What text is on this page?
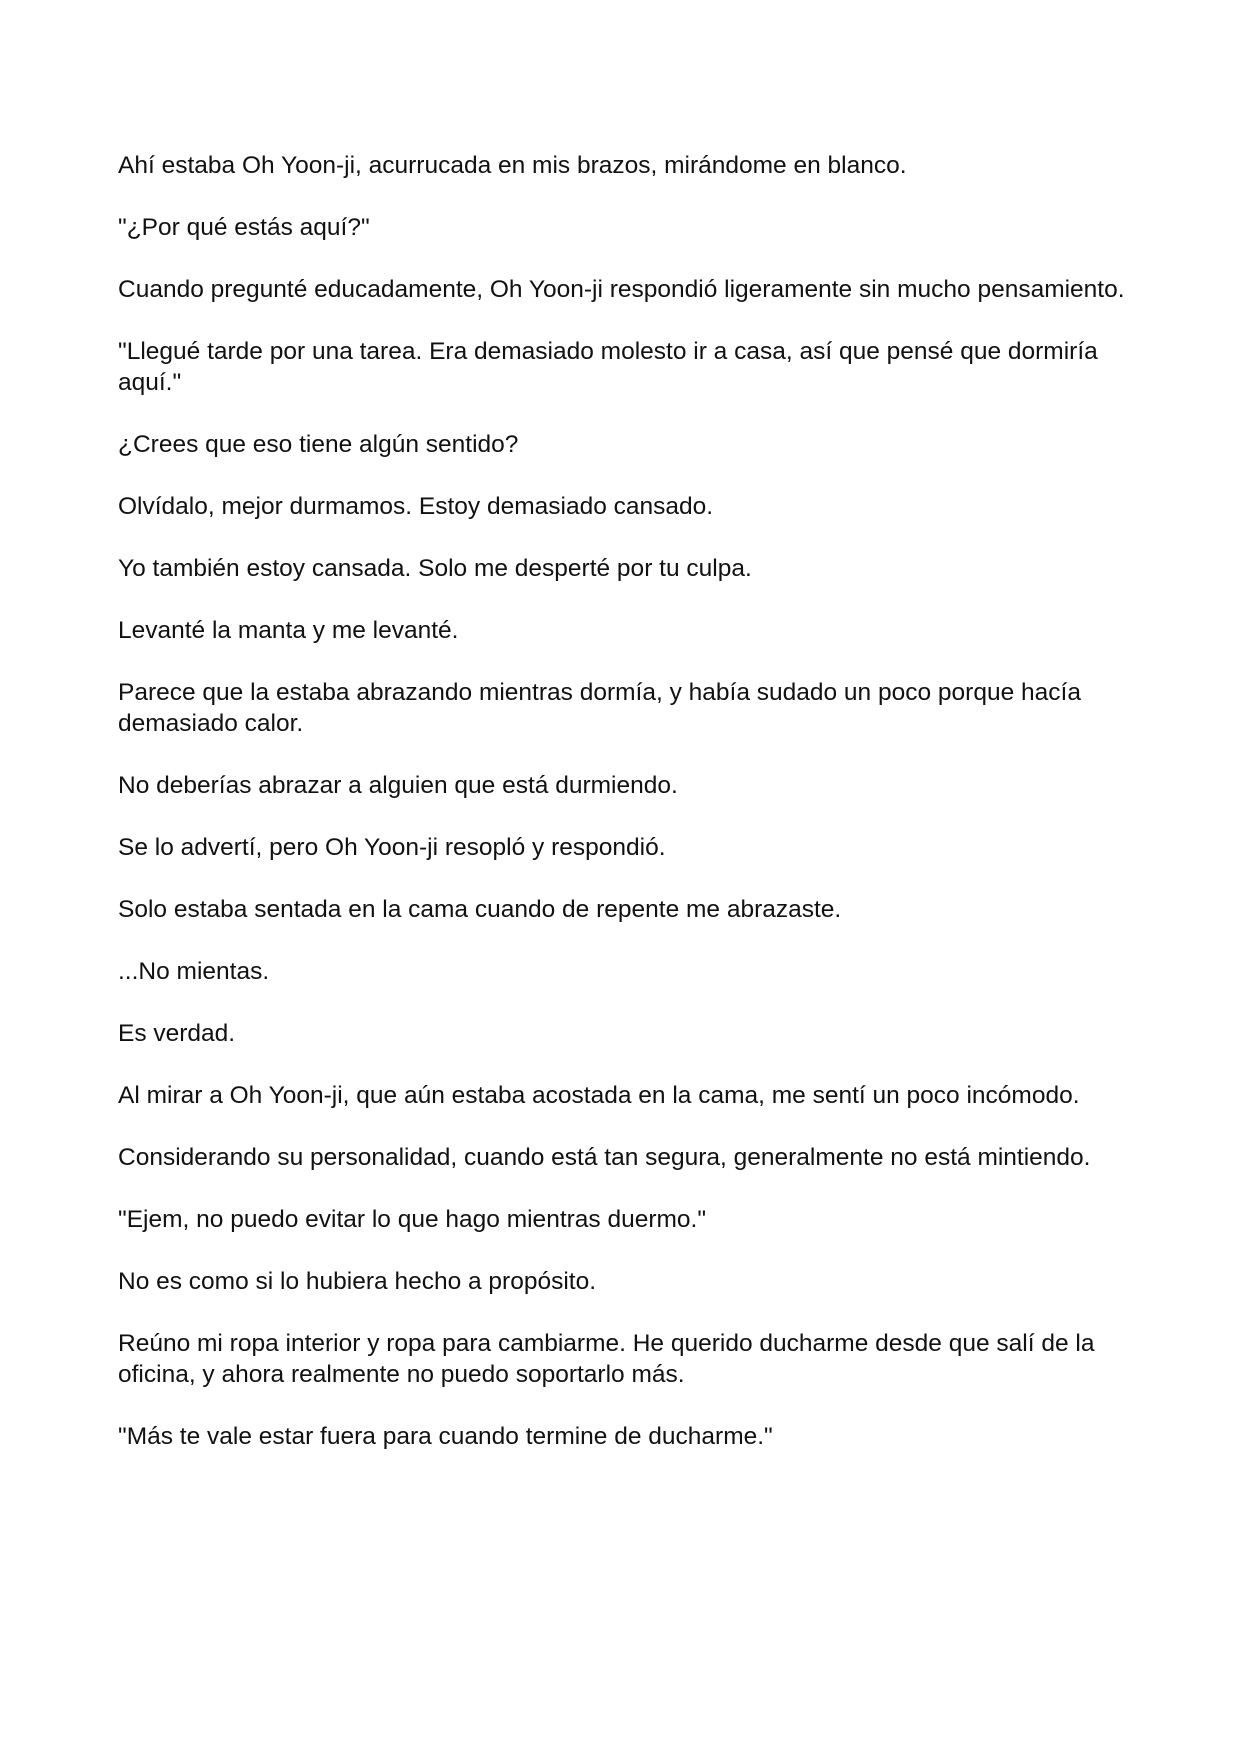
Ahí estaba Oh Yoon-ji, acurrucada en mis brazos, mirándome en blanco.

"¿Por qué estás aquí?"

Cuando pregunté educadamente, Oh Yoon-ji respondió ligeramente sin mucho pensamiento.

"Llegué tarde por una tarea. Era demasiado molesto ir a casa, así que pensé que dormiría aquí."

¿Crees que eso tiene algún sentido?

Olvídalo, mejor durmamos. Estoy demasiado cansado.

Yo también estoy cansada. Solo me desperté por tu culpa.

Levanté la manta y me levanté.

Parece que la estaba abrazando mientras dormía, y había sudado un poco porque hacía demasiado calor.

No deberías abrazar a alguien que está durmiendo.

Se lo advertí, pero Oh Yoon-ji resopló y respondió.

Solo estaba sentada en la cama cuando de repente me abrazaste.

...No mientas.

Es verdad.

Al mirar a Oh Yoon-ji, que aún estaba acostada en la cama, me sentí un poco incómodo.

Considerando su personalidad, cuando está tan segura, generalmente no está mintiendo.

"Ejem, no puedo evitar lo que hago mientras duermo."

No es como si lo hubiera hecho a propósito.

Reúno mi ropa interior y ropa para cambiarme. He querido ducharme desde que salí de la oficina, y ahora realmente no puedo soportarlo más.

"Más te vale estar fuera para cuando termine de ducharme."
